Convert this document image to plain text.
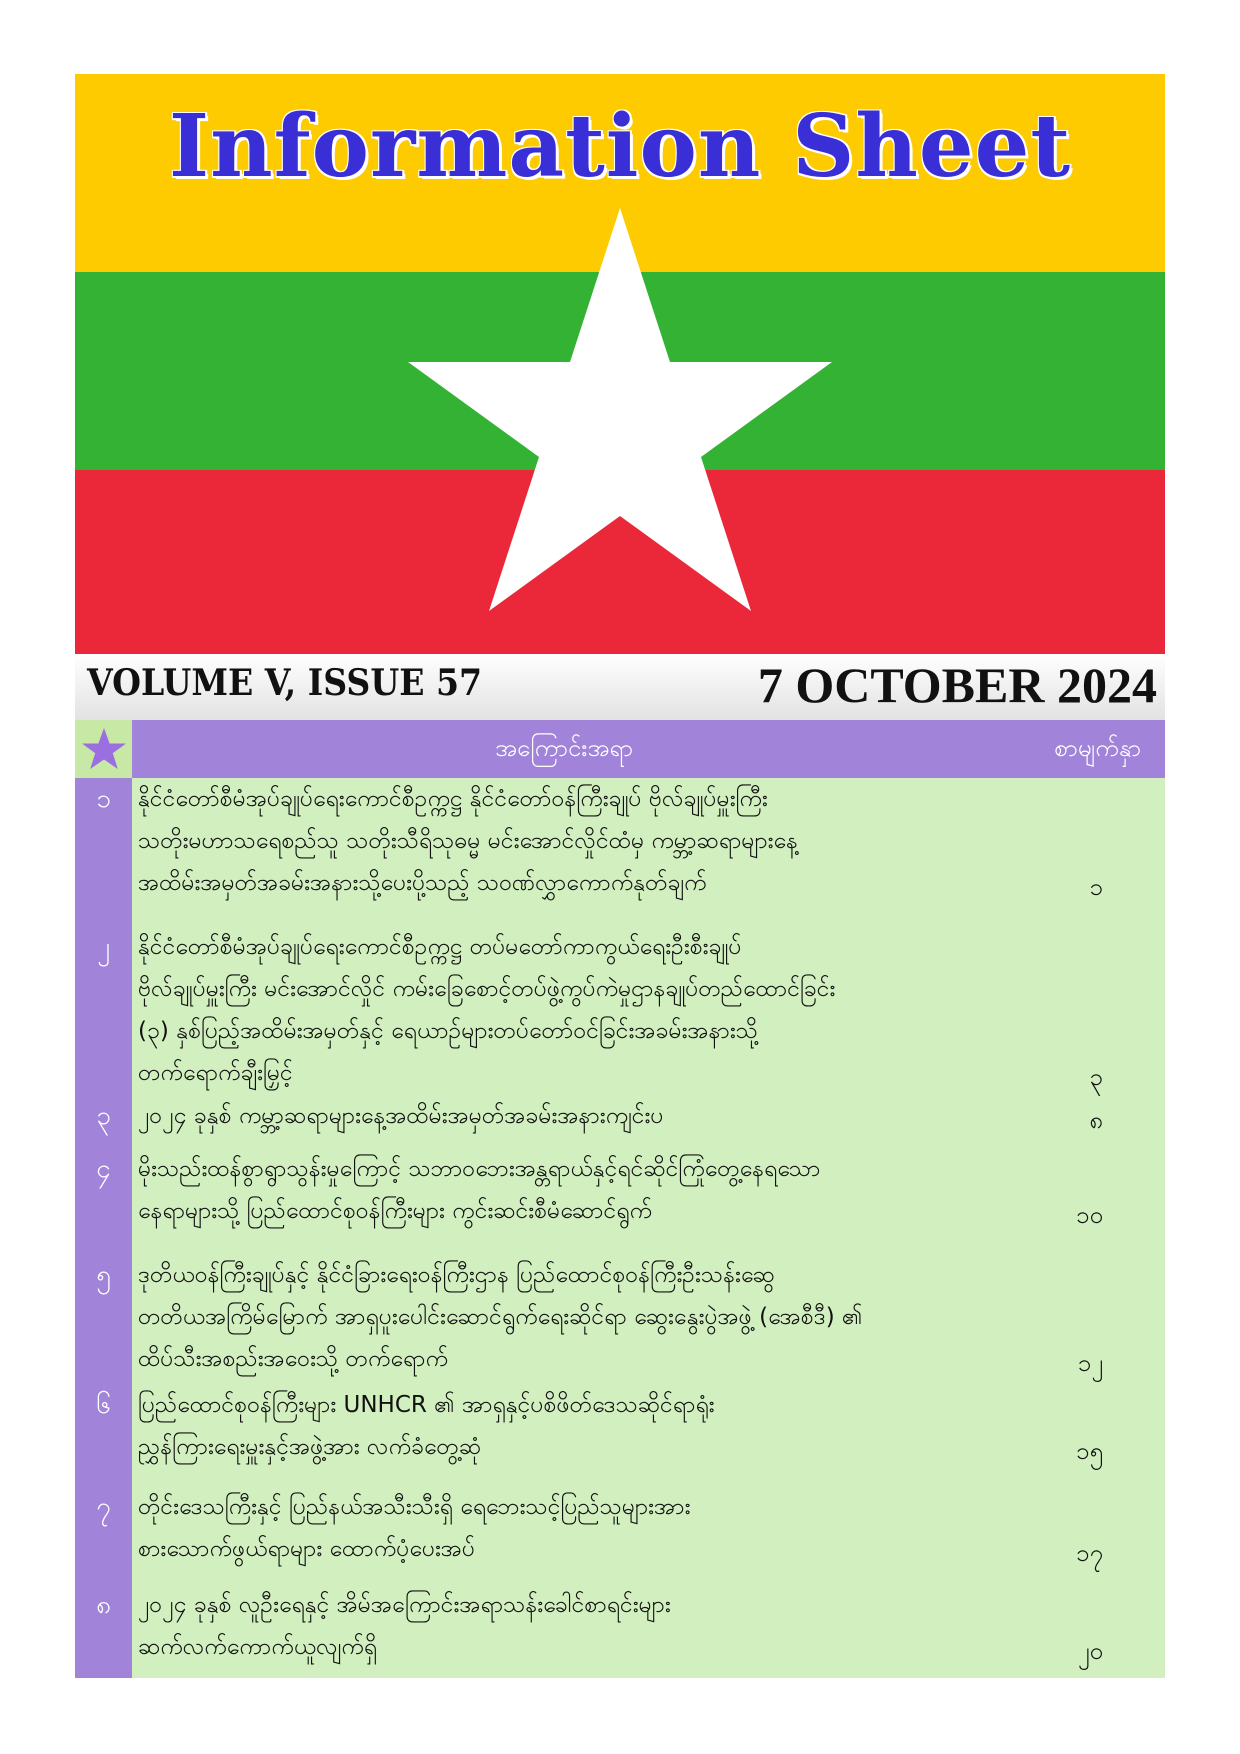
Information Sheet
VOLUME V, ISSUE 57	7 OCTOBER 2024
အကြောင်းအရာ	စာမျက်နှာ
၁	နိုင်ငံတော်စီမံအုပ်ချုပ်ရေးကောင်စီဥက္ကဋ္ဌ နိုင်ငံတော်ဝန်ကြီးချုပ် ဗိုလ်ချုပ်မှူးကြီး
သတိုးမဟာသရေစည်သူ သတိုးသီရိသုဓမ္မ မင်းအောင်လှိုင်ထံမှ ကမ္ဘာ့ဆရာများနေ့
အထိမ်းအမှတ်အခမ်းအနားသို့ပေးပို့သည့် သဝဏ်လွှာကောက်နုတ်ချက်	၁
၂	နိုင်ငံတော်စီမံအုပ်ချုပ်ရေးကောင်စီဥက္ကဋ္ဌ တပ်မတော်ကာကွယ်ရေးဦးစီးချုပ်
ဗိုလ်ချုပ်မှူးကြီး မင်းအောင်လှိုင် ကမ်းခြေစောင့်တပ်ဖွဲ့ကွပ်ကဲမှုဌာနချုပ်တည်ထောင်ခြင်း
(၃) နှစ်ပြည့်အထိမ်းအမှတ်နှင့် ရေယာဉ်များတပ်တော်ဝင်ခြင်းအခမ်းအနားသို့
တက်ရောက်ချီးမြှင့်	၃
၃	၂၀၂၄ ခုနှစ် ကမ္ဘာ့ဆရာများနေ့အထိမ်းအမှတ်အခမ်းအနားကျင်းပ	၈
၄	မိုးသည်းထန်စွာရွာသွန်းမှုကြောင့် သဘာဝဘေးအန္တရာယ်နှင့်ရင်ဆိုင်ကြုံတွေ့နေရသော
နေရာများသို့ ပြည်ထောင်စုဝန်ကြီးများ ကွင်းဆင်းစီမံဆောင်ရွက်	၁၀
၅	ဒုတိယဝန်ကြီးချုပ်နှင့် နိုင်ငံခြားရေးဝန်ကြီးဌာန ပြည်ထောင်စုဝန်ကြီးဦးသန်းဆွေ
တတိယအကြိမ်မြောက် အာရှပူးပေါင်းဆောင်ရွက်ရေးဆိုင်ရာ ဆွေးနွေးပွဲအဖွဲ့ (အေစီဒီ) ၏
ထိပ်သီးအစည်းအဝေးသို့ တက်ရောက်	၁၂
၆	ပြည်ထောင်စုဝန်ကြီးများ UNHCR ၏ အာရှနှင့်ပစိဖိတ်ဒေသဆိုင်ရာရုံး
ညွှန်ကြားရေးမှူးနှင့်အဖွဲ့အား လက်ခံတွေ့ဆုံ	၁၅
၇	တိုင်းဒေသကြီးနှင့် ပြည်နယ်အသီးသီးရှိ ရေဘေးသင့်ပြည်သူများအား
စားသောက်ဖွယ်ရာများ ထောက်ပံ့ပေးအပ်	၁၇
၈	၂၀၂၄ ခုနှစ် လူဦးရေနှင့် အိမ်အကြောင်းအရာသန်းခေါင်စာရင်းများ
ဆက်လက်ကောက်ယူလျက်ရှိ	၂၀
